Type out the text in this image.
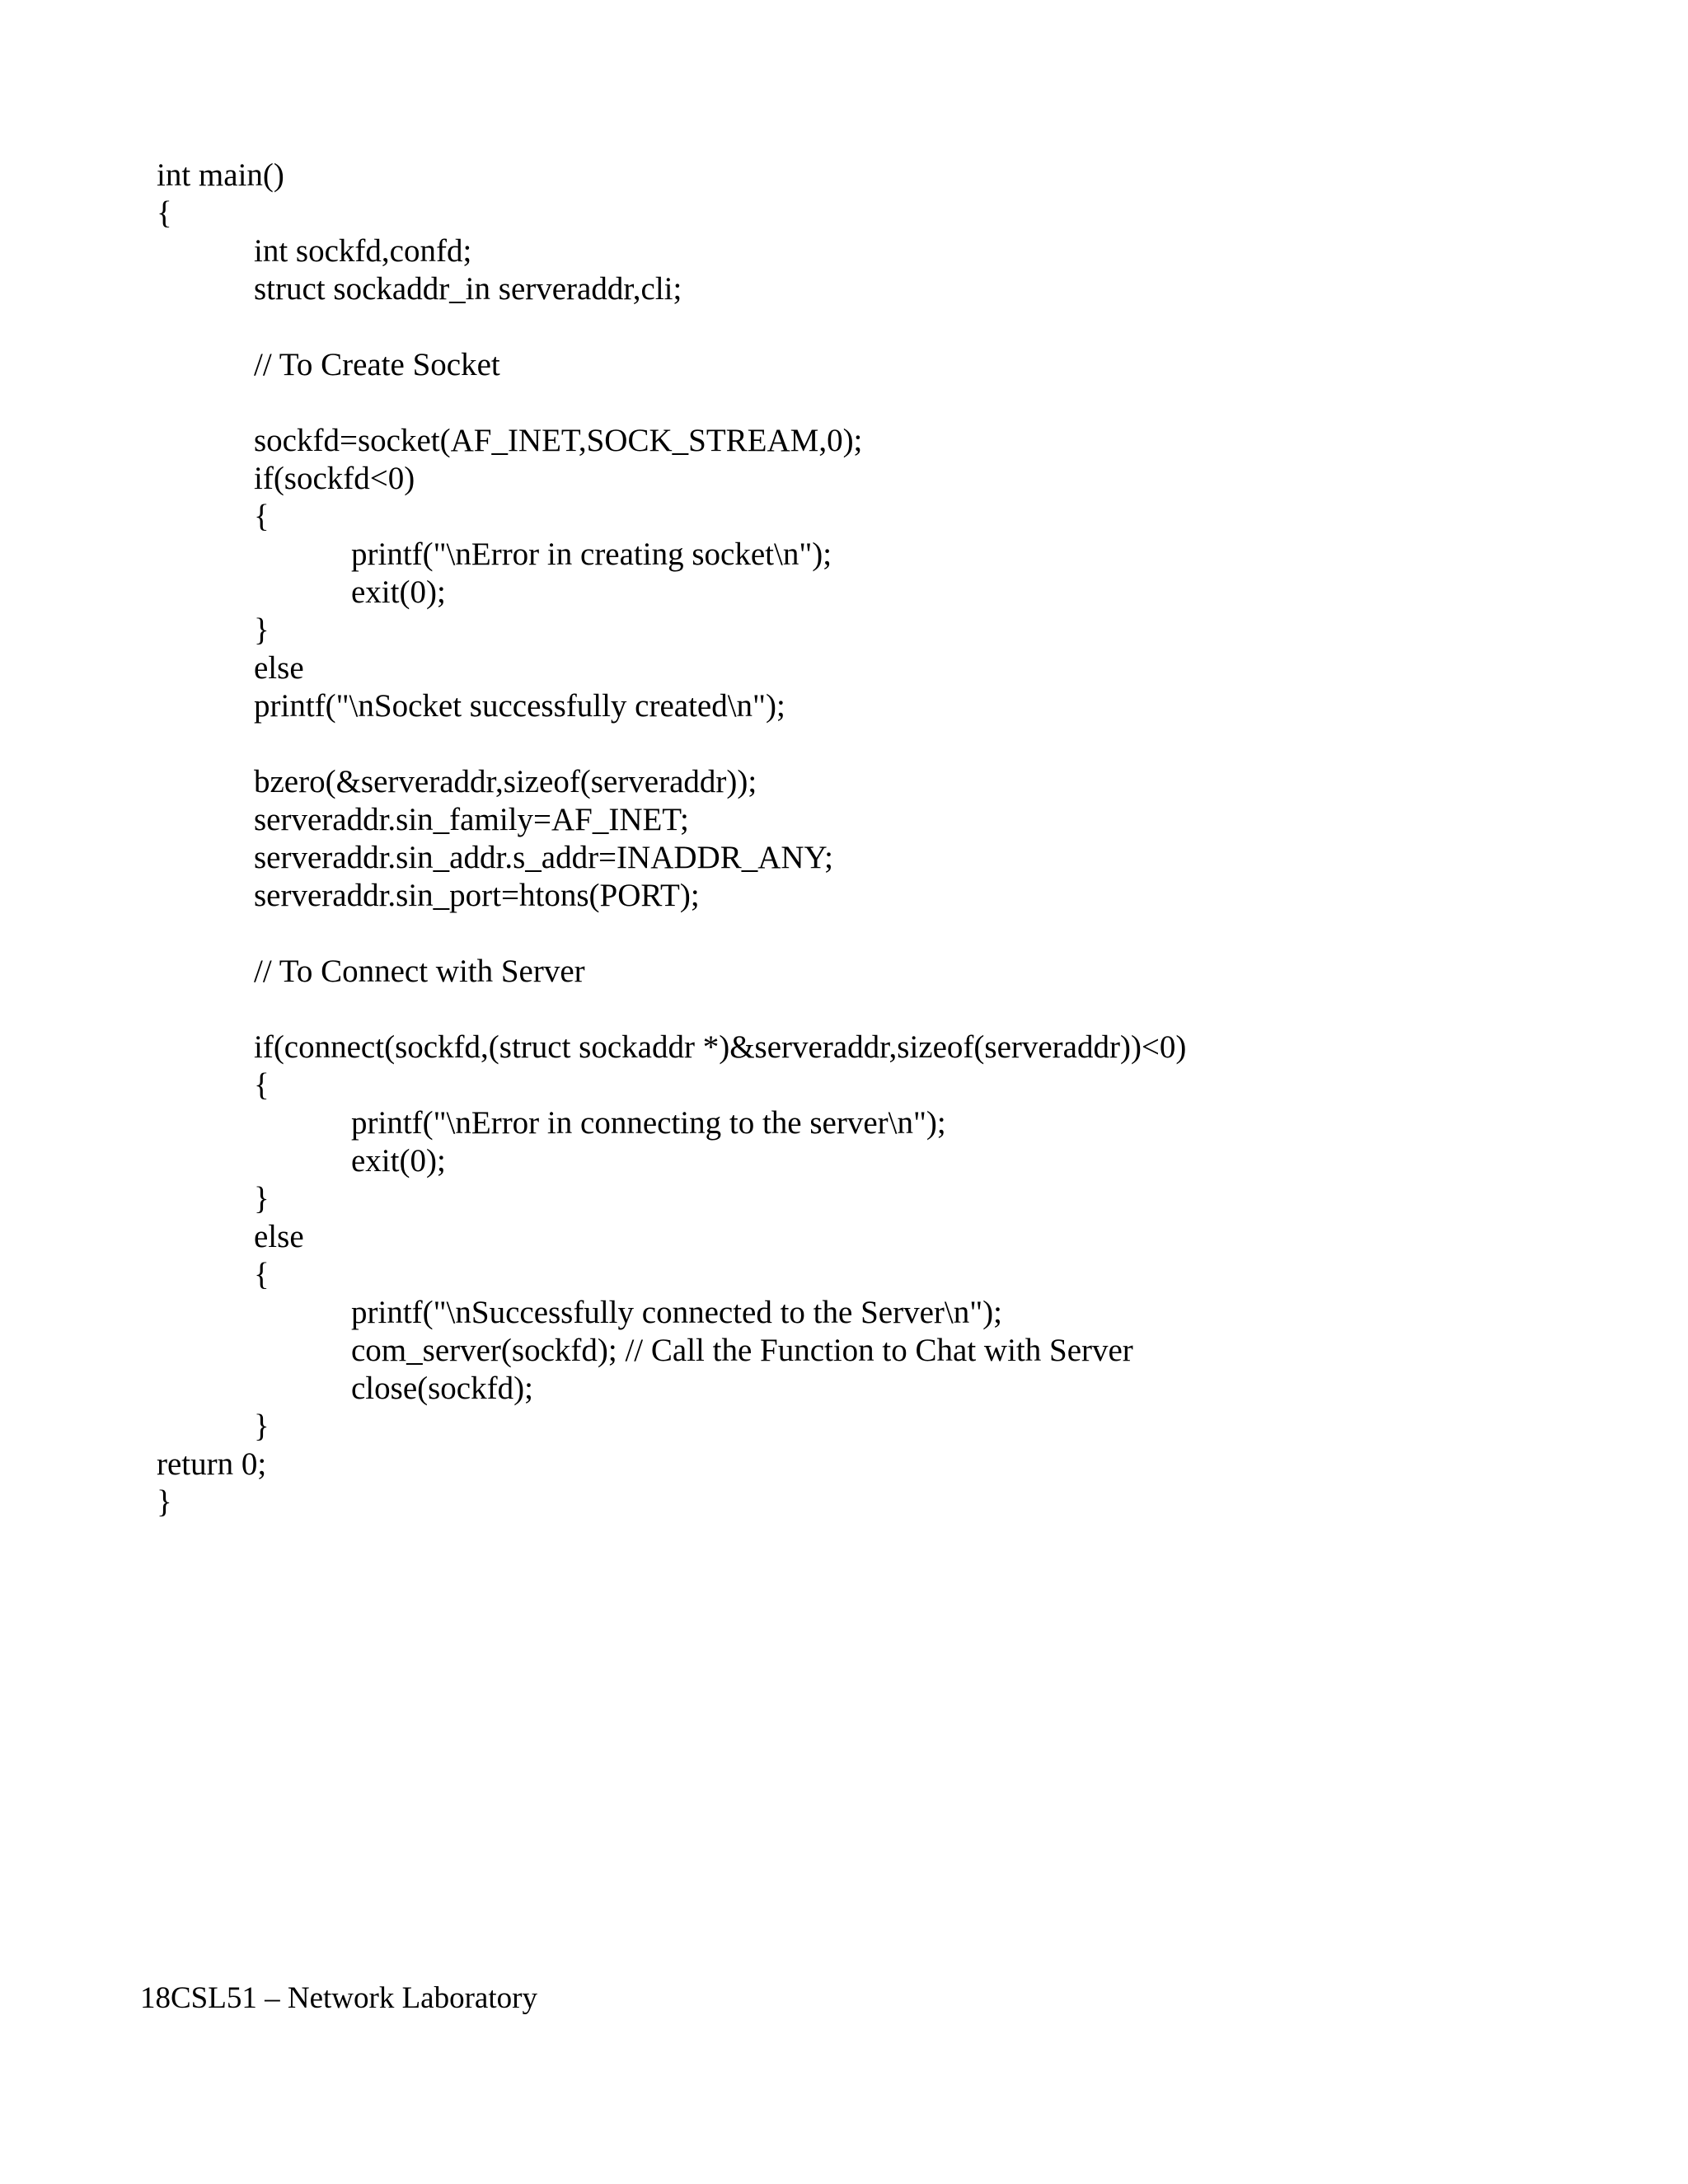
int main()
{
int sockfd,confd;
struct sockaddr_in serveraddr,cli;
// To Create Socket
sockfd=socket(AF_INET,SOCK_STREAM,0);
if(sockfd<0)
{
printf("\nError in creating socket\n");
exit(0);
}
else
printf("\nSocket successfully created\n");
bzero(&serveraddr,sizeof(serveraddr));
serveraddr.sin_family=AF_INET;
serveraddr.sin_addr.s_addr=INADDR_ANY;
serveraddr.sin_port=htons(PORT);
// To Connect with Server
if(connect(sockfd,(struct sockaddr *)&serveraddr,sizeof(serveraddr))<0)
{
printf("\nError in connecting to the server\n");
exit(0);
}
else
{
printf("\nSuccessfully connected to the Server\n");
com_server(sockfd); // Call the Function to Chat with Server
close(sockfd);
}
return 0;
}
18CSL51 – Network Laboratory
